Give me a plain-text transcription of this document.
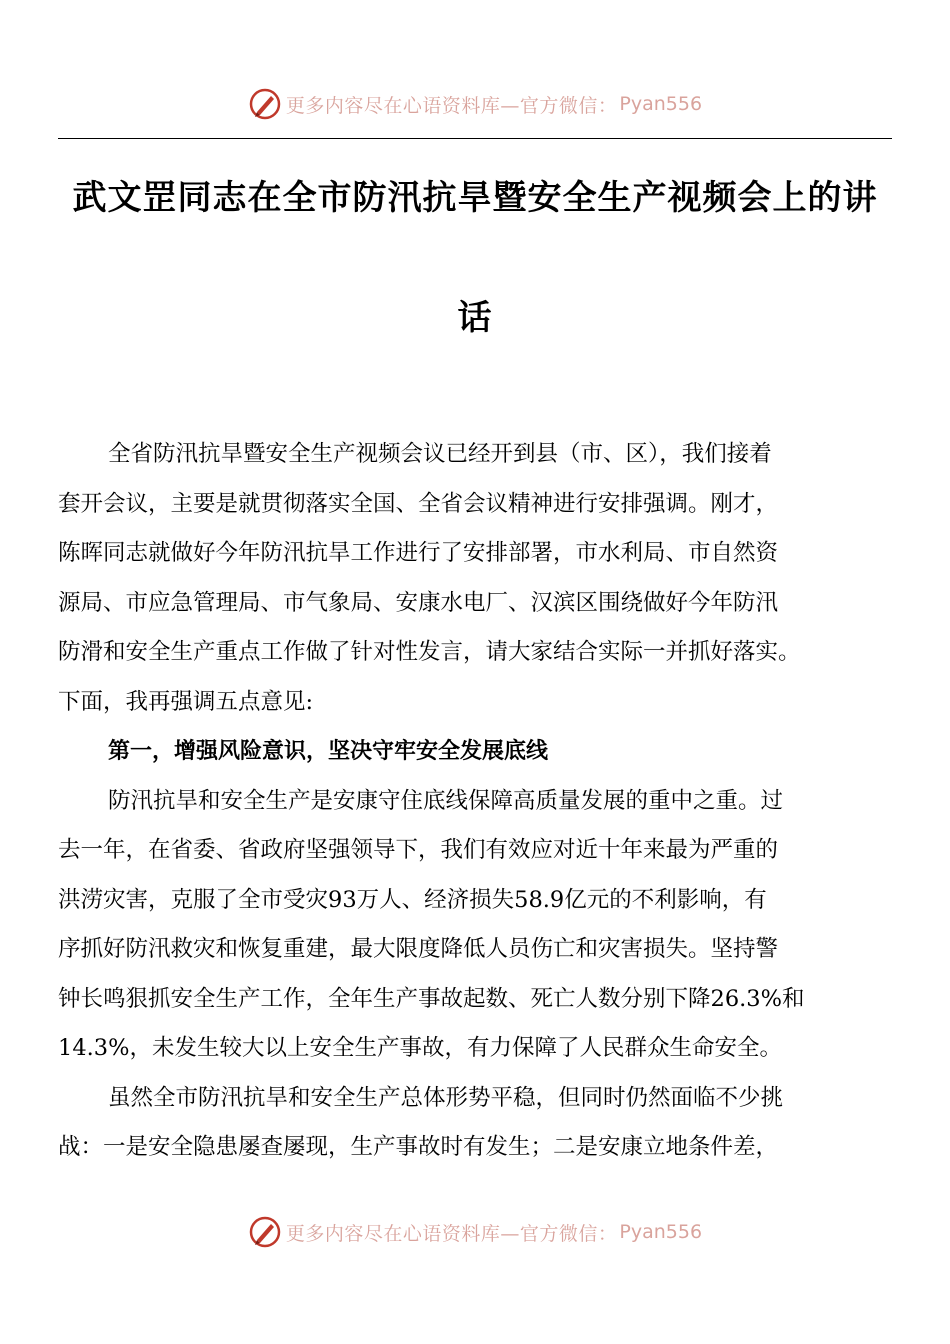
更多内容尽在心语资料库—官方微信： Pyan556
武文罡同志在全市防汛抗旱暨安全生产视频会上的讲
话
全省防汛抗旱暨安全生产视频会议已经开到县（市、区），我们接着
套开会议，主要是就贯彻落实全国、全省会议精神进行安排强调。刚才，
陈晖同志就做好今年防汛抗旱工作进行了安排部署，市水利局、市自然资
源局、市应急管理局、市气象局、安康水电厂、汉滨区围绕做好今年防汛
防滑和安全生产重点工作做了针对性发言，请大家结合实际一并抓好落实。
下面，我再强调五点意见:
第一，增强风险意识，坚决守牢安全发展底线
防汛抗旱和安全生产是安康守住底线保障高质量发展的重中之重。过
去一年，在省委、省政府坚强领导下，我们有效应对近十年来最为严重的
洪涝灾害，克服了全市受灾93万人、经济损失58.9亿元的不利影响，有
序抓好防汛救灾和恢复重建，最大限度降低人员伤亡和灾害损失。坚持警
钟长鸣狠抓安全生产工作，全年生产事故起数、死亡人数分别下降26.3%和
14.3%，未发生较大以上安全生产事故，有力保障了人民群众生命安全。
虽然全市防汛抗旱和安全生产总体形势平稳，但同时仍然面临不少挑
战：一是安全隐患屡查屡现，生产事故时有发生；二是安康立地条件差，
更多内容尽在心语资料库—官方微信： Pyan556
